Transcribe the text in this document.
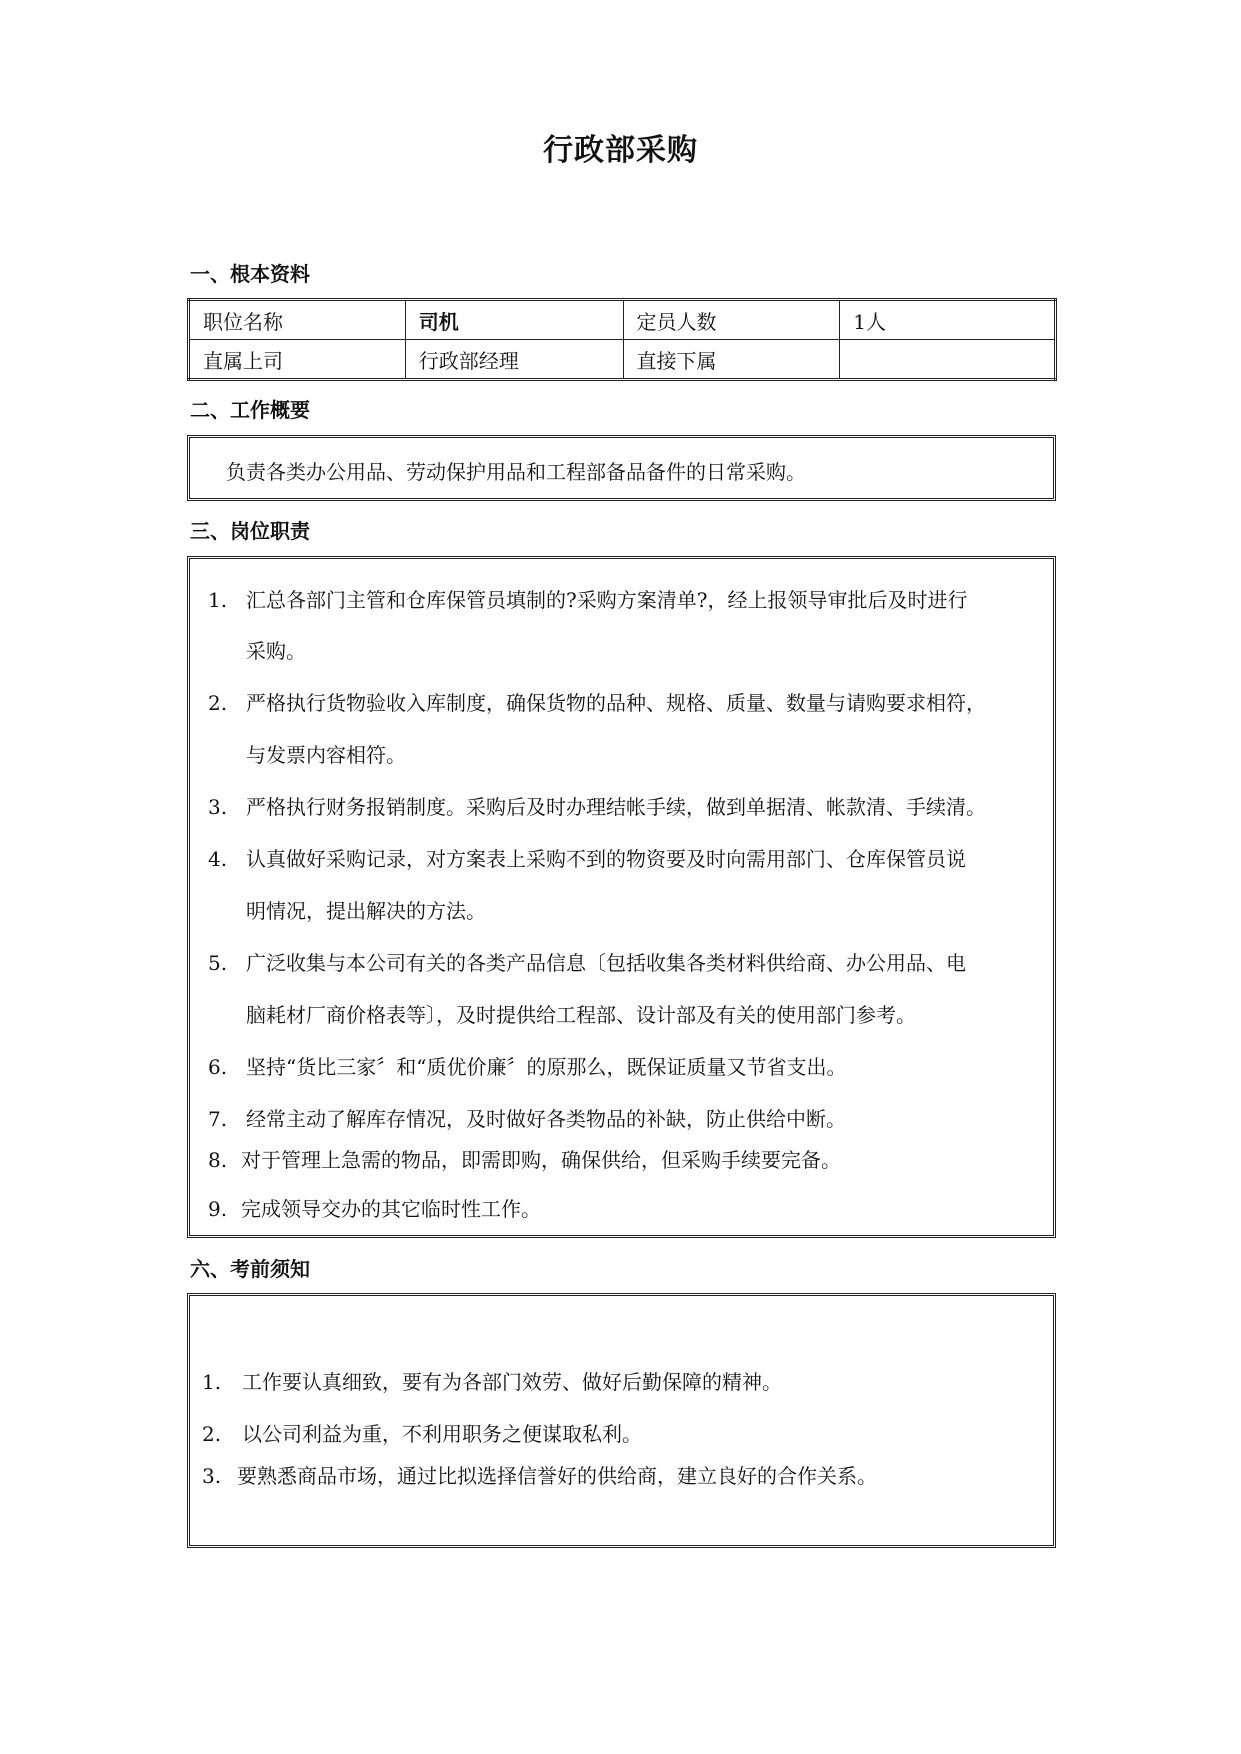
行政部采购
一、根本资料
职位名称	司机	定员人数	1人
直属上司	行政部经理	直接下属	
二、工作概要
负责各类办公用品、劳动保护用品和工程部备品备件的日常采购。
三、岗位职责
1. 汇总各部门主管和仓库保管员填制的?采购方案清单?，经上报领导审批后及时进行
采购。
2. 严格执行货物验收入库制度，确保货物的品种、规格、质量、数量与请购要求相符，
与发票内容相符。
3. 严格执行财务报销制度。采购后及时办理结帐手续，做到单据清、帐款清、手续清。
4. 认真做好采购记录，对方案表上采购不到的物资要及时向需用部门、仓库保管员说
明情况，提出解决的方法。
5. 广泛收集与本公司有关的各类产品信息〔包括收集各类材料供给商、办公用品、电
脑耗材厂商价格表等〕，及时提供给工程部、设计部及有关的使用部门参考。
6. 坚持“货比三家〞和“质优价廉〞的原那么，既保证质量又节省支出。
7. 经常主动了解库存情况，及时做好各类物品的补缺，防止供给中断。
8. 对于管理上急需的物品，即需即购，确保供给，但采购手续要完备。
9. 完成领导交办的其它临时性工作。
六、考前须知
1. 工作要认真细致，要有为各部门效劳、做好后勤保障的精神。
2. 以公司利益为重，不利用职务之便谋取私利。
3. 要熟悉商品市场，通过比拟选择信誉好的供给商，建立良好的合作关系。
